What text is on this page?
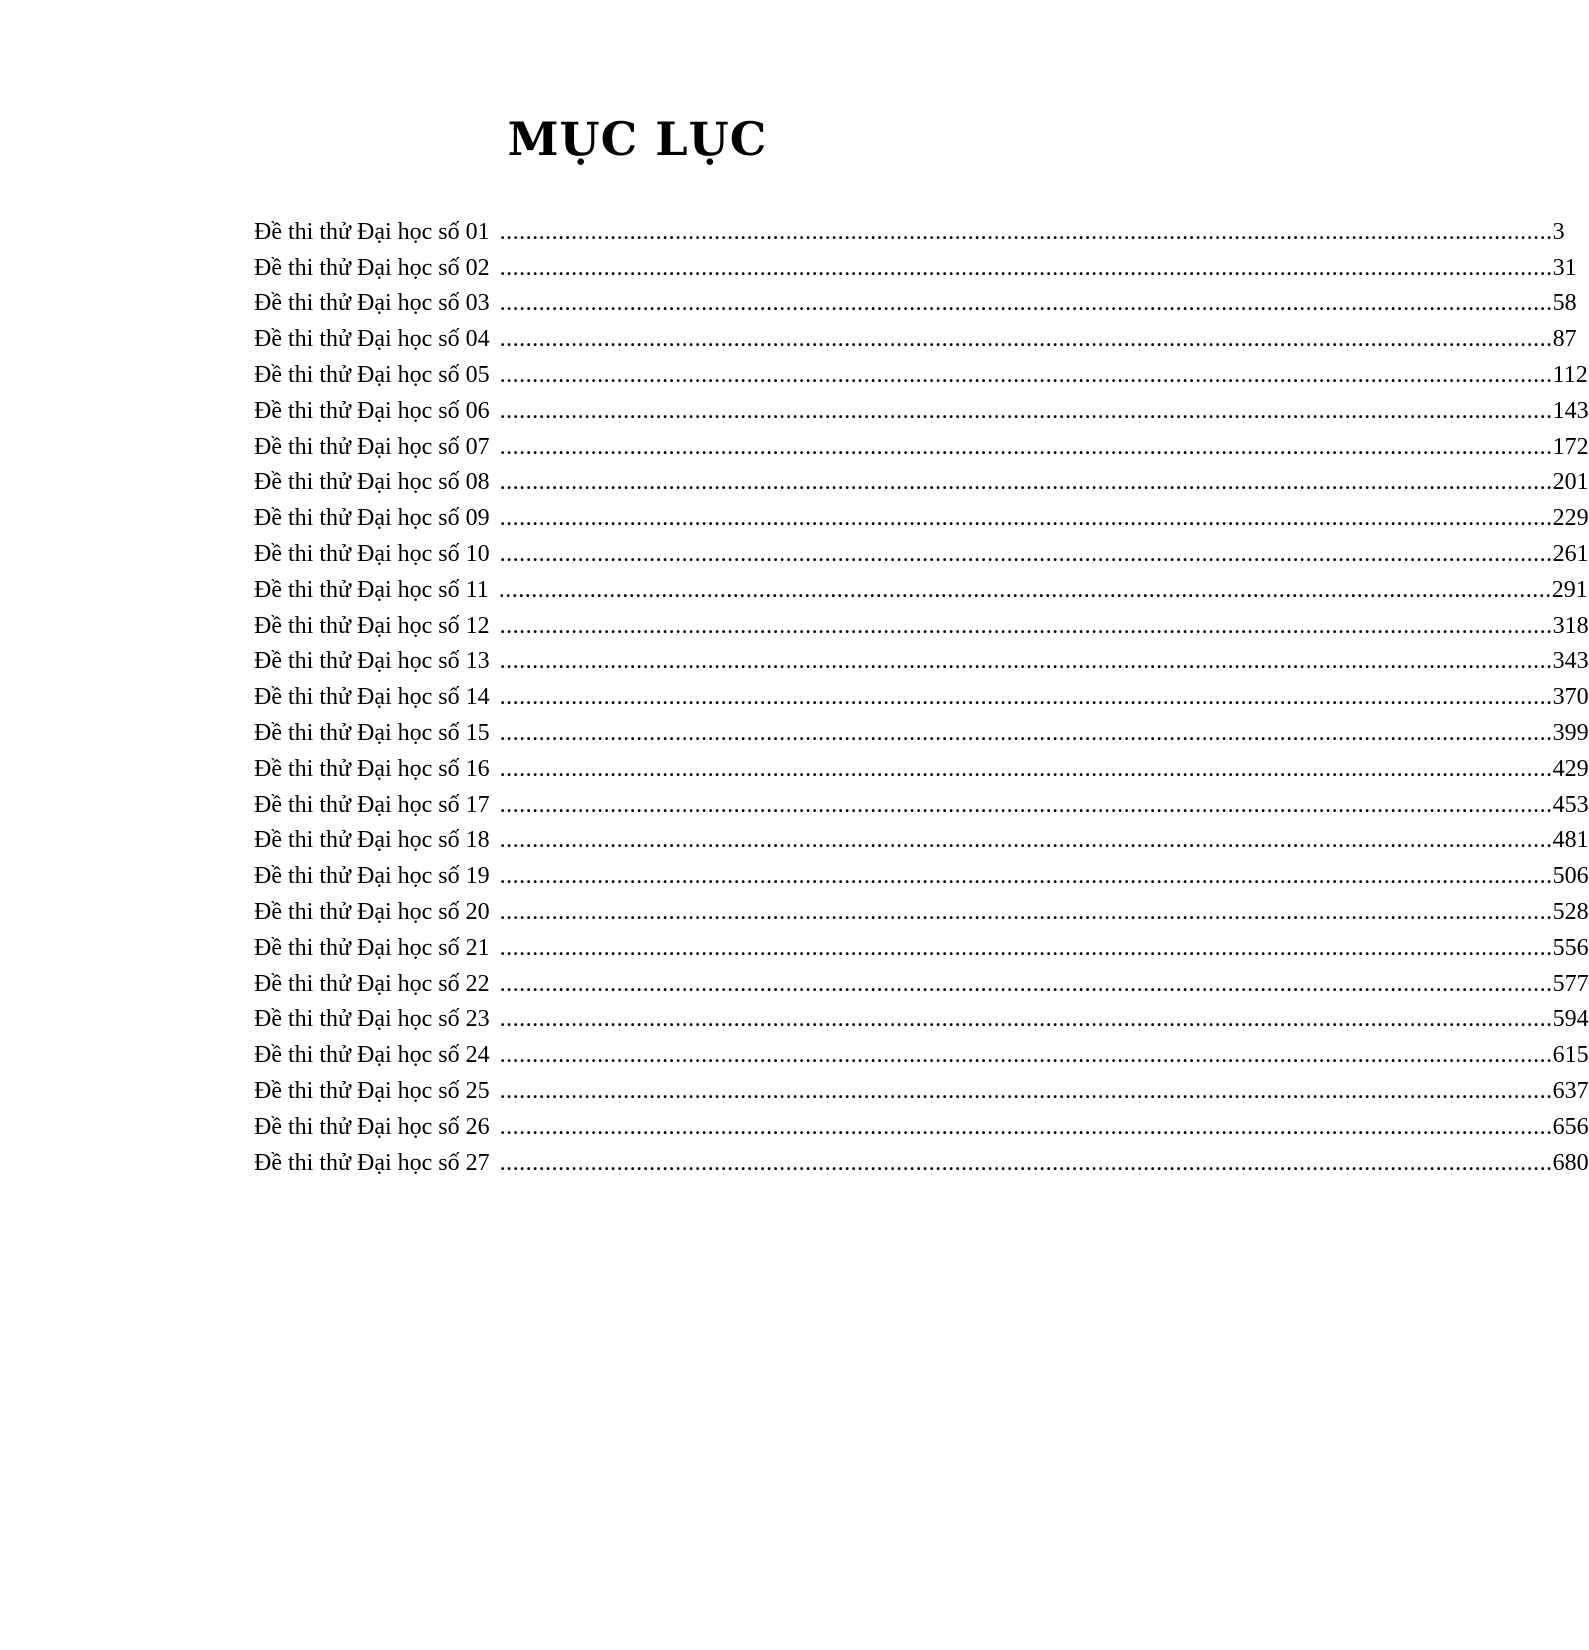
MỤC LỤC
Đề thi thử Đại học số 01 .................................................................................................................................................................. 3
Đề thi thử Đại học số 02 .................................................................................................................................................................. 31
Đề thi thử Đại học số 03 .................................................................................................................................................................. 58
Đề thi thử Đại học số 04 .................................................................................................................................................................. 87
Đề thi thử Đại học số 05 .................................................................................................................................................................. 112
Đề thi thử Đại học số 06 .................................................................................................................................................................. 143
Đề thi thử Đại học số 07 .................................................................................................................................................................. 172
Đề thi thử Đại học số 08 .................................................................................................................................................................. 201
Đề thi thử Đại học số 09 .................................................................................................................................................................. 229
Đề thi thử Đại học số 10 .................................................................................................................................................................. 261
Đề thi thử Đại học số 11 .................................................................................................................................................................. 291
Đề thi thử Đại học số 12 .................................................................................................................................................................. 318
Đề thi thử Đại học số 13 .................................................................................................................................................................. 343
Đề thi thử Đại học số 14 .................................................................................................................................................................. 370
Đề thi thử Đại học số 15 .................................................................................................................................................................. 399
Đề thi thử Đại học số 16 .................................................................................................................................................................. 429
Đề thi thử Đại học số 17 .................................................................................................................................................................. 453
Đề thi thử Đại học số 18 .................................................................................................................................................................. 481
Đề thi thử Đại học số 19 .................................................................................................................................................................. 506
Đề thi thử Đại học số 20 .................................................................................................................................................................. 528
Đề thi thử Đại học số 21 .................................................................................................................................................................. 556
Đề thi thử Đại học số 22 .................................................................................................................................................................. 577
Đề thi thử Đại học số 23 .................................................................................................................................................................. 594
Đề thi thử Đại học số 24 .................................................................................................................................................................. 615
Đề thi thử Đại học số 25 .................................................................................................................................................................. 637
Đề thi thử Đại học số 26 .................................................................................................................................................................. 656
Đề thi thử Đại học số 27 .................................................................................................................................................................. 680
